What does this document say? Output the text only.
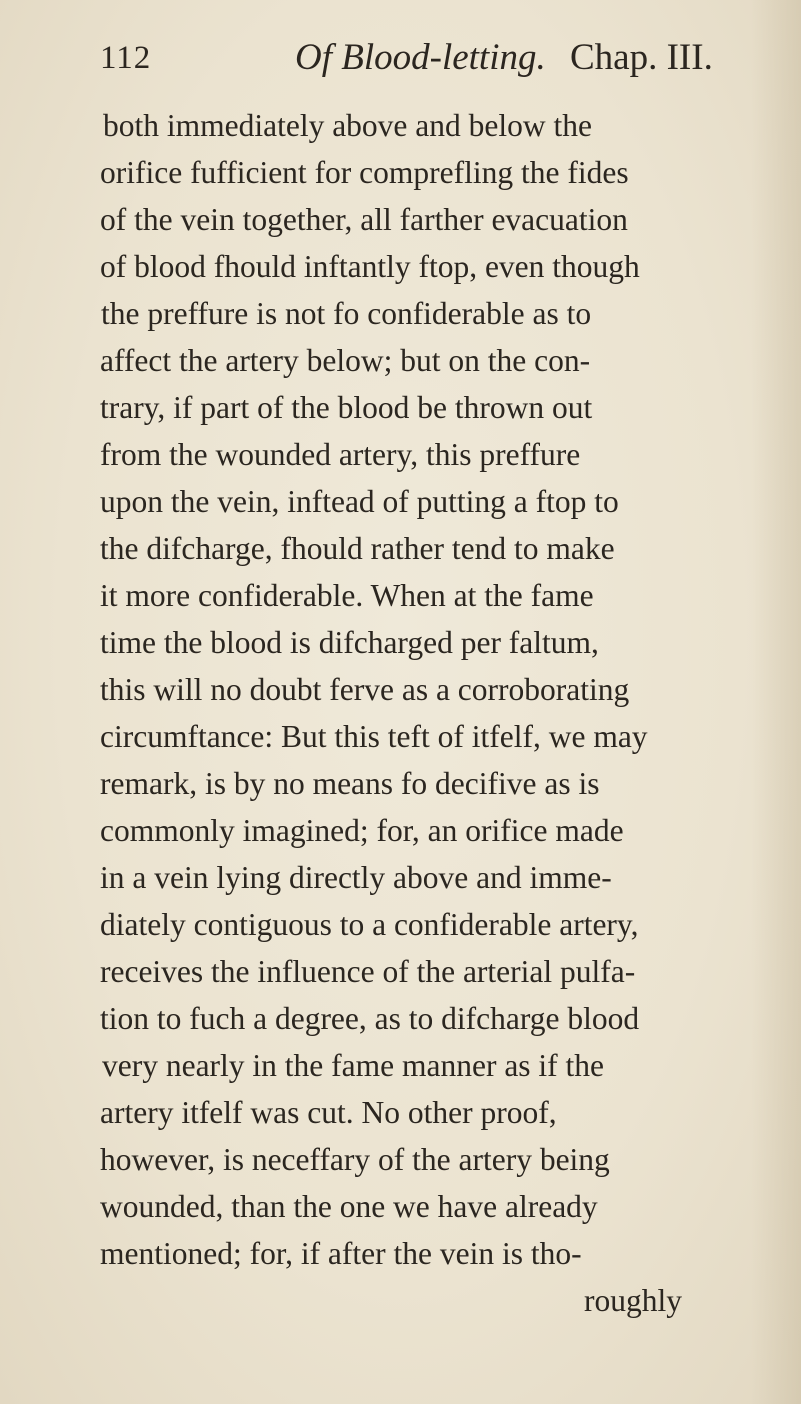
112	Of Blood-letting. Chap. III.
both immediately above and below the
orifice fufficient for comprefling the fides
of the vein together, all farther evacuation
of blood fhould inftantly ftop, even though
the preffure is not fo confiderable as to
affect the artery below; but on the con-
trary, if part of the blood be thrown out
from the wounded artery, this preffure
upon the vein, inftead of putting a ftop to
the difcharge, fhould rather tend to make
it more confiderable. When at the fame
time the blood is difcharged per faltum,
this will no doubt ferve as a corroborating
circumftance: But this teft of itfelf, we may
remark, is by no means fo decifive as is
commonly imagined; for, an orifice made
in a vein lying directly above and imme-
diately contiguous to a confiderable artery,
receives the influence of the arterial pulfa-
tion to fuch a degree, as to difcharge blood
very nearly in the fame manner as if the
artery itfelf was cut. No other proof,
however, is neceffary of the artery being
wounded, than the one we have already
mentioned; for, if after the vein is tho-
roughly
